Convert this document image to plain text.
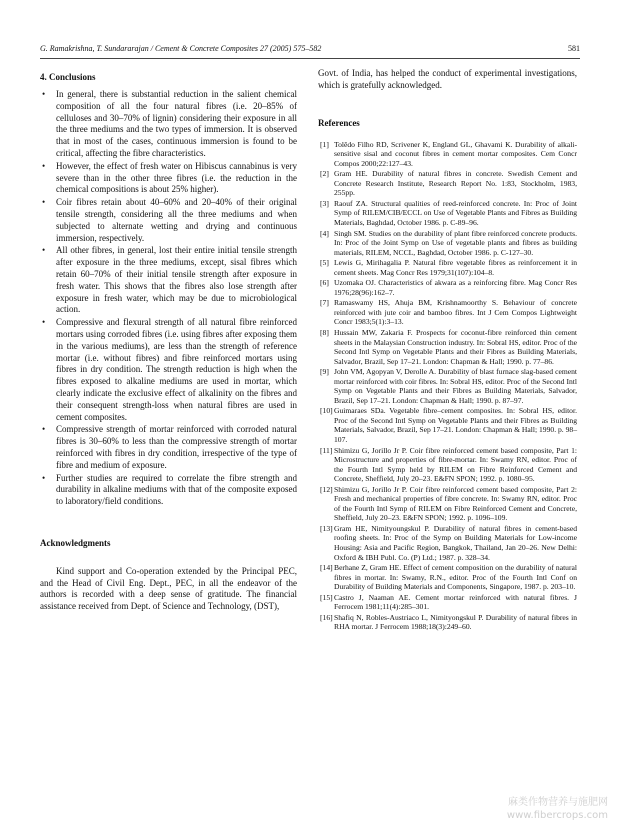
G. Ramakrishna, T. Sundararajan / Cement & Concrete Composites 27 (2005) 575–582	581
4. Conclusions
• In general, there is substantial reduction in the salient chemical composition of all the four natural fibres (i.e. 20–85% of celluloses and 30–70% of lignin) considering their exposure in all the three mediums and the two types of immersion. It is observed that in most of the cases, continuous immersion is found to be critical, affecting the fibre characteristics.
• However, the effect of fresh water on Hibiscus cannabinus is very severe than in the other three fibres (i.e. the reduction in the chemical compositions is about 25% higher).
• Coir fibres retain about 40–60% and 20–40% of their original tensile strength, considering all the three mediums and when subjected to alternate wetting and drying and continuous immersion, respectively.
• All other fibres, in general, lost their entire initial tensile strength after exposure in the three mediums, except, sisal fibres which retain 60–70% of their initial tensile strength after exposure in fresh water. This shows that the fibres also lose strength after exposure in fresh water, which may be due to microbiological action.
• Compressive and flexural strength of all natural fibre reinforced mortars using corroded fibres (i.e. using fibres after exposing them in the various mediums), are less than the strength of reference mortar (i.e. without fibres) and fibre reinforced mortars using fibres in dry condition. The strength reduction is high when the fibres exposed to alkaline mediums are used in mortar, which clearly indicate the exclusive effect of alkalinity on the fibres and their consequent strength-loss when natural fibres are used in cement composites.
• Compressive strength of mortar reinforced with corroded natural fibres is 30–60% to less than the compressive strength of mortar reinforced with fibres in dry condition, irrespective of the type of fibre and medium of exposure.
• Further studies are required to correlate the fibre strength and durability in alkaline mediums with that of the composite exposed to laboratory/field conditions.
Acknowledgments

Kind support and Co-operation extended by the Principal PEC, and the Head of Civil Eng. Dept., PEC, in all the endeavor of the authors is recorded with a deep sense of gratitude. The financial assistance received from Dept. of Science and Technology, (DST),

Govt. of India, has helped the conduct of experimental investigations, which is gratefully acknowledged.

References
[1] Tolêdo Filho RD, Scrivener K, England GL, Ghavami K. Durability of alkali-sensitive sisal and coconut fibres in cement mortar composites. Cem Concr Compos 2000;22:127–43.
[2] Gram HE. Durability of natural fibres in concrete. Swedish Cement and Concrete Research Institute, Research Report No. 1:83, Stockholm, 1983, 255pp.
[3] Raouf ZA. Structural qualities of reed-reinforced concrete. In: Proc of Joint Symp of RILEM/CIB/ECCL on Use of Vegetable Plants and Fibres as Building Materials, Baghdad, October 1986. p. C-89–96.
[4] Singh SM. Studies on the durability of plant fibre reinforced concrete products. In: Proc of the Joint Symp on Use of vegetable plants and fibres as building materials, RILEM, NCCL, Baghdad, October 1986. p. C-127–30.
[5] Lewis G, Mirihagalia P. Natural fibre vegetable fibres as reinforcement it in cement sheets. Mag Concr Res 1979;31(107):104–8.
[6] Uzomaka OJ. Characteristics of akwara as a reinforcing fibre. Mag Concr Res 1976;28(96):162–7.
[7] Ramaswamy HS, Ahuja BM, Krishnamoorthy S. Behaviour of concrete reinforced with jute coir and bamboo fibres. Int J Cem Compos Lightweight Concr 1983;5(1):3–13.
[8] Hussain MW, Zakaria F. Prospects for coconut-fibre reinforced thin cement sheets in the Malaysian Construction industry. In: Sobral HS, editor. Proc of the Second Intl Symp on Vegetable Plants and their Fibres as Building Materials, Salvador, Brazil, Sep 17–21. London: Chapman & Hall; 1990. p. 77–86.
[9] John VM, Agopyan V, Derolle A. Durability of blast furnace slag-based cement mortar reinforced with coir fibres. In: Sobral HS, editor. Proc of the Second Intl Symp on Vegetable Plants and their Fibres as Building Materials, Salvador, Brazil, Sep 17–21. London: Chapman & Hall; 1990. p. 87–97.
[10] Guimaraes SDa. Vegetable fibre–cement composites. In: Sobral HS, editor. Proc of the Second Intl Symp on Vegetable Plants and their Fibres as Building Materials, Salvador, Brazil, Sep 17–21. London: Chapman & Hall; 1990. p. 98–107.
[11] Shimizu G, Jorillo Jr P. Coir fibre reinforced cement based composite, Part 1: Microstructure and properties of fibre-mortar. In: Swamy RN, editor. Proc of the Fourth Intl Symp held by RILEM on Fibre Reinforced Cement and Concrete, Sheffield, July 20–23. E&FN SPON; 1992. p. 1080–95.
[12] Shimizu G, Jorillo Jr P. Coir fibre reinforced cement based composite, Part 2: Fresh and mechanical properties of fibre concrete. In: Swamy RN, editor. Proc of the Fourth Intl Symp of RILEM on Fibre Reinforced Cement and Concrete, Sheffield, July 20–23. E&FN SPON; 1992. p. 1096–109.
[13] Gram HE, Nimityoungskul P. Durability of natural fibres in cement-based roofing sheets. In: Proc of the Symp on Building Materials for Low-income Housing: Asia and Pacific Region, Bangkok, Thailand, Jan 20–26. New Delhi: Oxford & IBH Publ. Co. (P) Ltd.; 1987. p. 328–34.
[14] Berhane Z, Gram HE. Effect of cement composition on the durability of natural fibres in mortar. In: Swamy, R.N., editor. Proc of the Fourth Intl Conf on Durability of Building Materials and Components, Singapore, 1987. p. 203–10.
[15] Castro J, Naaman AE. Cement mortar reinforced with natural fibres. J Ferrocem 1981;11(4):285–301.
[16] Shafiq N, Robles-Austriaco L, Nimityongskul P. Durability of natural fibres in RHA mortar. J Ferrocem 1988;18(3):249–60.
麻类作物营养与施肥网
www.fibercrops.com
